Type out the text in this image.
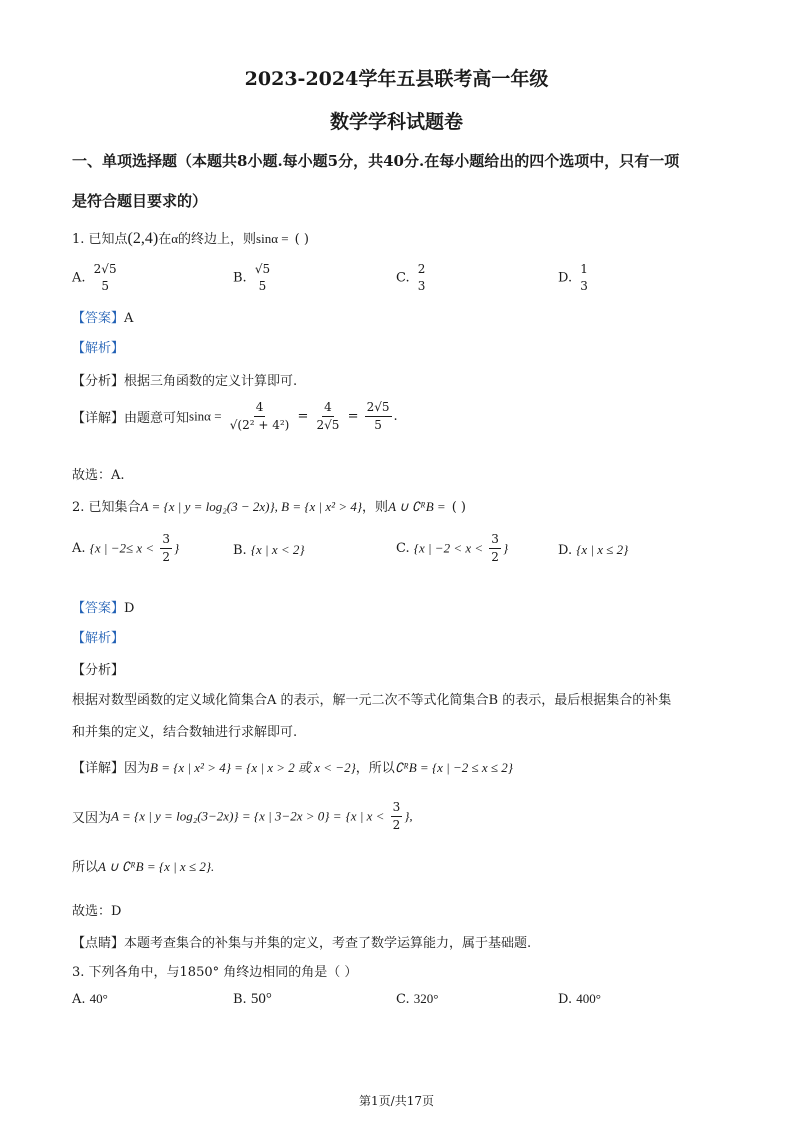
2023-2024学年五县联考高一年级
数学学科试题卷
一、单项选择题（本题共8小题.每小题5分，共40分.在每小题给出的四个选项中，只有一项
是符合题目要求的）
1. 已知点(2,4)在α的终边上，则sinα = ( )
A.
2√5
5
B.
√5
5
C.
2
3
D.
1
3
【答案】A
【解析】
【分析】根据三角函数的定义计算即可.
【详解】由题意可知$\sin\alpha = \frac{4}{\text{√(2² + 4²)}} = \frac{4}{2√5} = \frac{2√5}{5}$ .
故选：A.
2. 已知集合A = {x | y = log₂(3 − 2x)}, B = {x | x² > 4}，则A ∪ ∁ᴿB = ( )
A. {x | $-2\le x < \frac{3}{2}$ }	B. {x | x < 2}	C. {x | $-2 < x < \frac{3}{2}$ }	D. {x | x ≤ 2}
【答案】D
【解析】
【分析】
根据对数型函数的定义域化简集合A 的表示，解一元二次不等式化简集合B 的表示，最后根据集合的补集
和并集的定义，结合数轴进行求解即可.
【详解】因为B = {x | x² > 4} = {x | x > 2 或 x < −2}，所以∁ᴿB = {x | −2 ≤ x ≤ 2}
又因为A = {x | y = log₂(3−2x)} = {x | 3−2x > 0} = {x | $x < \frac{3}{2}$ },
所以A ∪ ∁ᴿB = {x | x ≤ 2}.
故选：D
【点睛】本题考查集合的补集与并集的定义，考查了数学运算能力，属于基础题.
3. 下列各角中，与1850° 角终边相同的角是（ ）
A. 40°	B. 50°	C. 320°	D. 400°
第1页/共17页
